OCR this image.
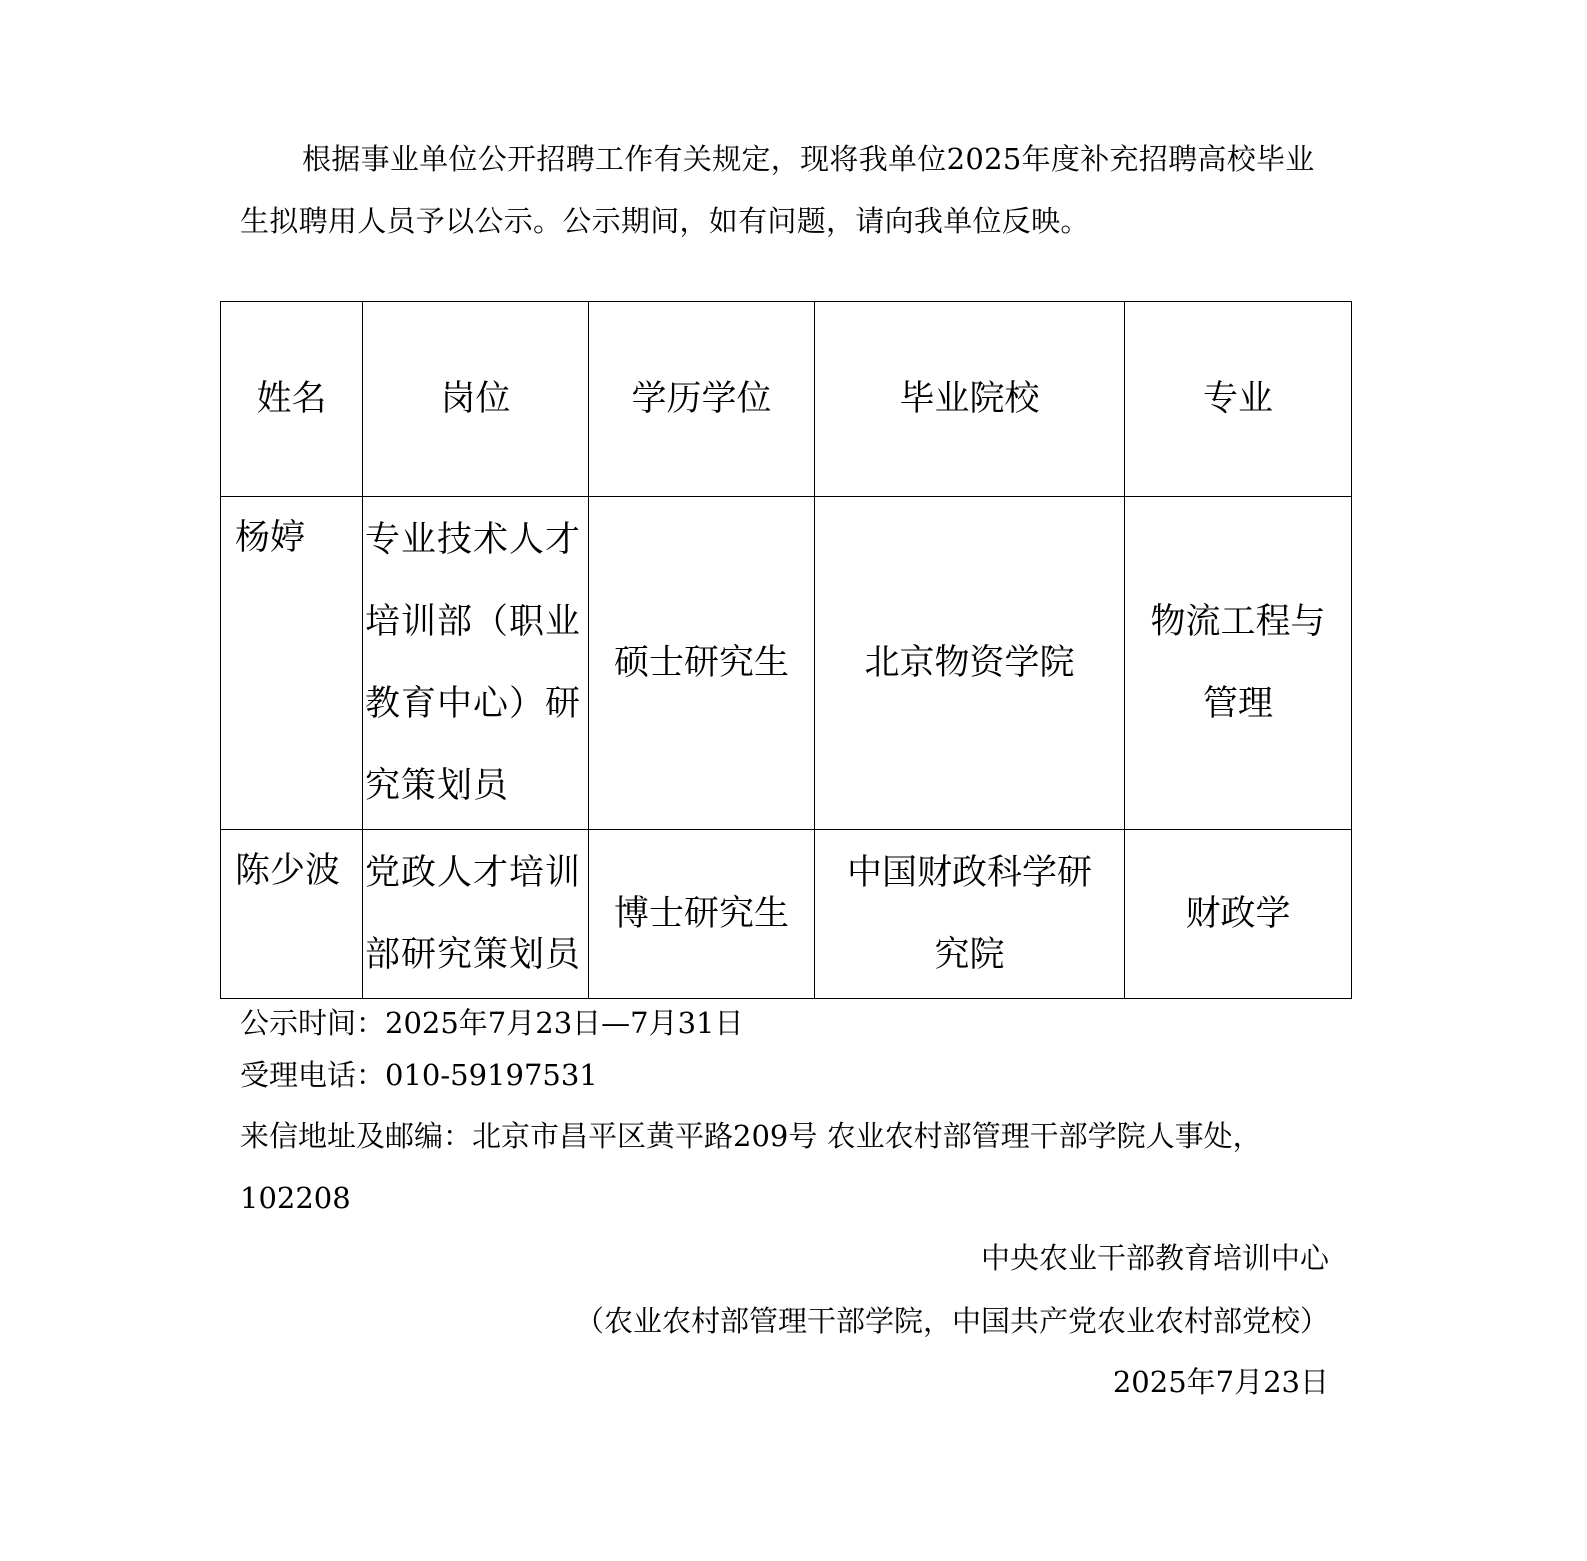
根据事业单位公开招聘工作有关规定，现将我单位2025年度补充招聘高校毕业生拟聘用人员予以公示。公示期间，如有问题，请向我单位反映。
姓名	岗位	学历学位	毕业院校	专业
杨婷	专业技术人才培训部（职业教育中心）研究策划员	硕士研究生	北京物资学院	物流工程与管理

陈少波	党政人才培训部研究策划员	博士研究生	中国财政科学研究院	财政学
公示时间：2025年7月23日—7月31日
受理电话：010-59197531
来信地址及邮编：北京市昌平区黄平路209号 农业农村部管理干部学院人事处，
102208
中央农业干部教育培训中心
（农业农村部管理干部学院，中国共产党农业农村部党校）
2025年7月23日
